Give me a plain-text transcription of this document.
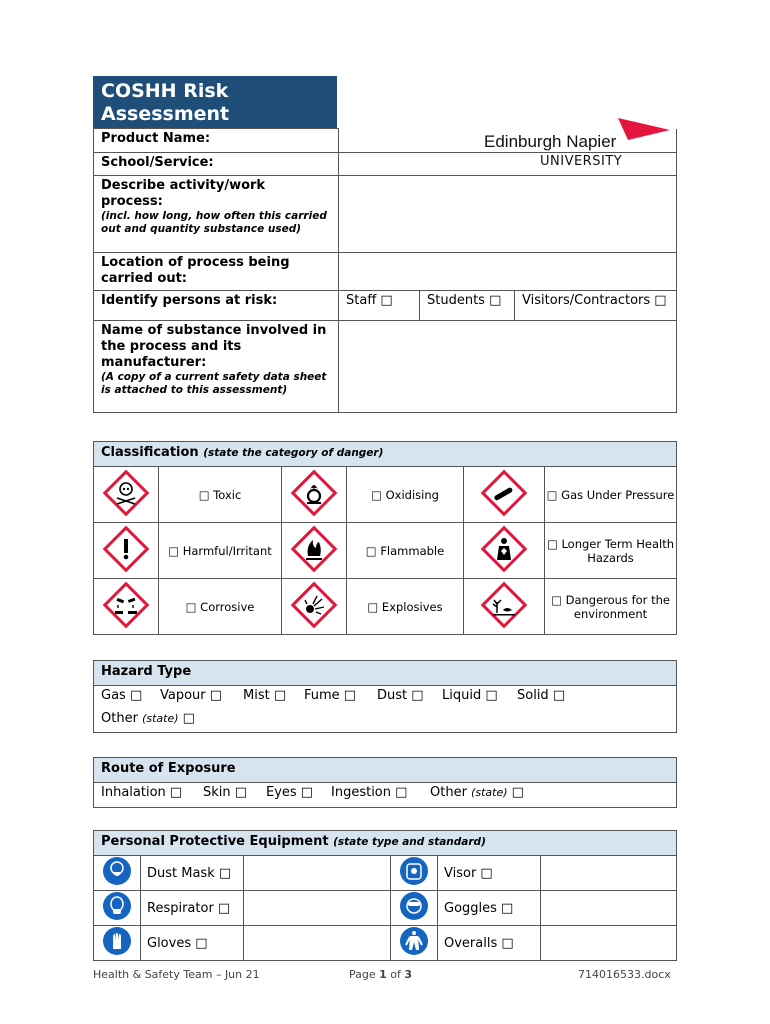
COSHH Risk Assessment
Edinburgh Napier
UNIVERSITY
Product Name:			
School/Service:			

Describe activity/work process:
(incl. how long, how often this carried out and quantity substance used)			

Location of process being carried out:			
Identify persons at risk:	Staff □	Students □	Visitors/Contractors □

Name of substance involved in the process and its manufacturer:
(A copy of a current safety data sheet is attached to this assessment)			

Classification (state the category of danger)					
	□ Toxic		□ Oxidising		□ Gas Under Pressure
	□ Harmful/Irritant		□ Flammable		□ Longer Term Health Hazards
	□ Corrosive		□ Explosives		□ Dangerous for the environment
Hazard Type

Gas □ Vapour □ Mist □ Fume □ Dust □ Liquid □ Solid □
Other (state) □
Route of Exposure

Inhalation □ Skin □ Eyes □ Ingestion □ Other (state) □
Personal Protective Equipment (state type and standard)					
	Dust Mask □			Visor □	
	Respirator □			Goggles □	
	Gloves □			Overalls □	
Health & Safety Team – Jun 21	Page 1 of 3	714016533.docx
